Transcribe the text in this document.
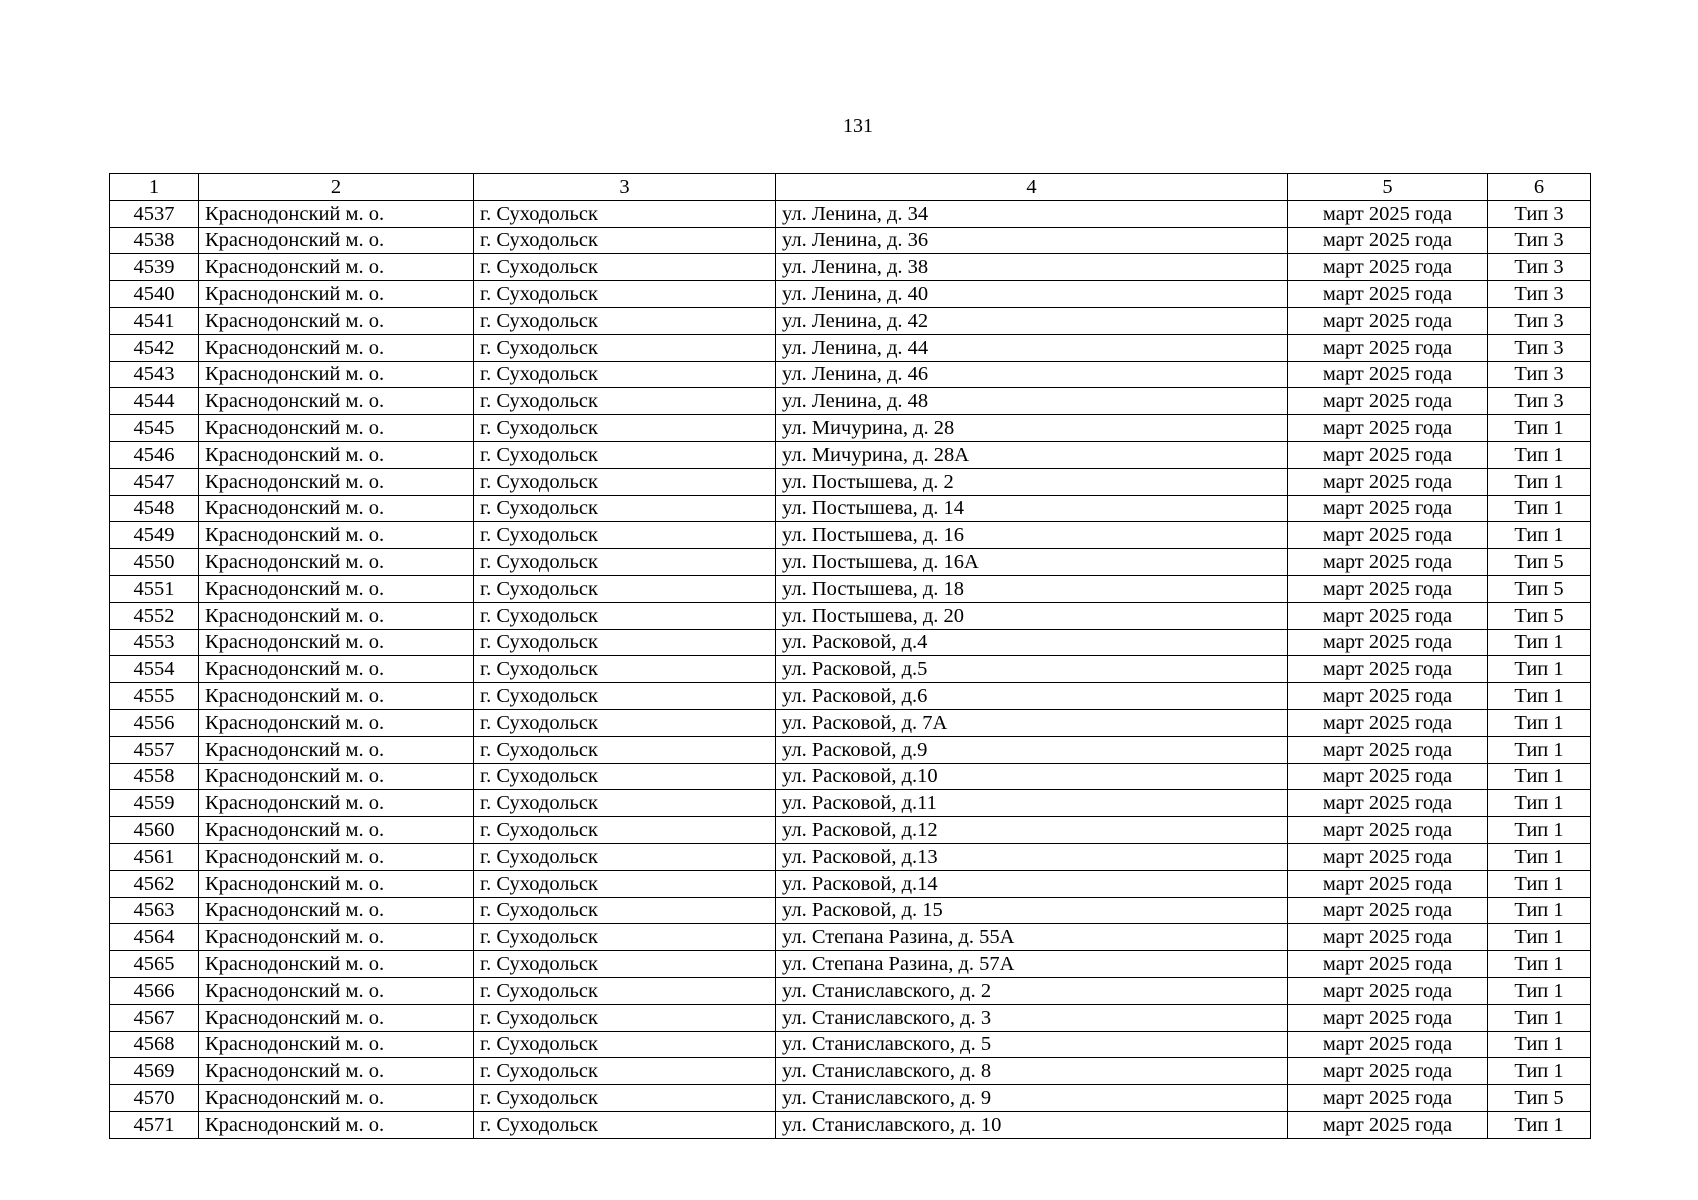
131
1	2	3	4	5	6
4537	Краснодонский м. о.	г. Суходольск	ул. Ленина, д. 34	март 2025 года	Тип 3
4538	Краснодонский м. о.	г. Суходольск	ул. Ленина, д. 36	март 2025 года	Тип 3
4539	Краснодонский м. о.	г. Суходольск	ул. Ленина, д. 38	март 2025 года	Тип 3
4540	Краснодонский м. о.	г. Суходольск	ул. Ленина, д. 40	март 2025 года	Тип 3
4541	Краснодонский м. о.	г. Суходольск	ул. Ленина, д. 42	март 2025 года	Тип 3
4542	Краснодонский м. о.	г. Суходольск	ул. Ленина, д. 44	март 2025 года	Тип 3
4543	Краснодонский м. о.	г. Суходольск	ул. Ленина, д. 46	март 2025 года	Тип 3
4544	Краснодонский м. о.	г. Суходольск	ул. Ленина, д. 48	март 2025 года	Тип 3
4545	Краснодонский м. о.	г. Суходольск	ул. Мичурина, д. 28	март 2025 года	Тип 1
4546	Краснодонский м. о.	г. Суходольск	ул. Мичурина, д. 28А	март 2025 года	Тип 1
4547	Краснодонский м. о.	г. Суходольск	ул. Постышева, д. 2	март 2025 года	Тип 1
4548	Краснодонский м. о.	г. Суходольск	ул. Постышева, д. 14	март 2025 года	Тип 1
4549	Краснодонский м. о.	г. Суходольск	ул. Постышева, д. 16	март 2025 года	Тип 1
4550	Краснодонский м. о.	г. Суходольск	ул. Постышева, д. 16А	март 2025 года	Тип 5
4551	Краснодонский м. о.	г. Суходольск	ул. Постышева, д. 18	март 2025 года	Тип 5
4552	Краснодонский м. о.	г. Суходольск	ул. Постышева, д. 20	март 2025 года	Тип 5
4553	Краснодонский м. о.	г. Суходольск	ул. Расковой, д.4	март 2025 года	Тип 1
4554	Краснодонский м. о.	г. Суходольск	ул. Расковой, д.5	март 2025 года	Тип 1
4555	Краснодонский м. о.	г. Суходольск	ул. Расковой, д.6	март 2025 года	Тип 1
4556	Краснодонский м. о.	г. Суходольск	ул. Расковой, д. 7А	март 2025 года	Тип 1
4557	Краснодонский м. о.	г. Суходольск	ул. Расковой, д.9	март 2025 года	Тип 1
4558	Краснодонский м. о.	г. Суходольск	ул. Расковой, д.10	март 2025 года	Тип 1
4559	Краснодонский м. о.	г. Суходольск	ул. Расковой, д.11	март 2025 года	Тип 1
4560	Краснодонский м. о.	г. Суходольск	ул. Расковой, д.12	март 2025 года	Тип 1
4561	Краснодонский м. о.	г. Суходольск	ул. Расковой, д.13	март 2025 года	Тип 1
4562	Краснодонский м. о.	г. Суходольск	ул. Расковой, д.14	март 2025 года	Тип 1
4563	Краснодонский м. о.	г. Суходольск	ул. Расковой, д. 15	март 2025 года	Тип 1
4564	Краснодонский м. о.	г. Суходольск	ул. Степана Разина, д. 55А	март 2025 года	Тип 1
4565	Краснодонский м. о.	г. Суходольск	ул. Степана Разина, д. 57А	март 2025 года	Тип 1
4566	Краснодонский м. о.	г. Суходольск	ул. Станиславского, д. 2	март 2025 года	Тип 1
4567	Краснодонский м. о.	г. Суходольск	ул. Станиславского, д. 3	март 2025 года	Тип 1
4568	Краснодонский м. о.	г. Суходольск	ул. Станиславского, д. 5	март 2025 года	Тип 1
4569	Краснодонский м. о.	г. Суходольск	ул. Станиславского, д. 8	март 2025 года	Тип 1
4570	Краснодонский м. о.	г. Суходольск	ул. Станиславского, д. 9	март 2025 года	Тип 5
4571	Краснодонский м. о.	г. Суходольск	ул. Станиславского, д. 10	март 2025 года	Тип 1
